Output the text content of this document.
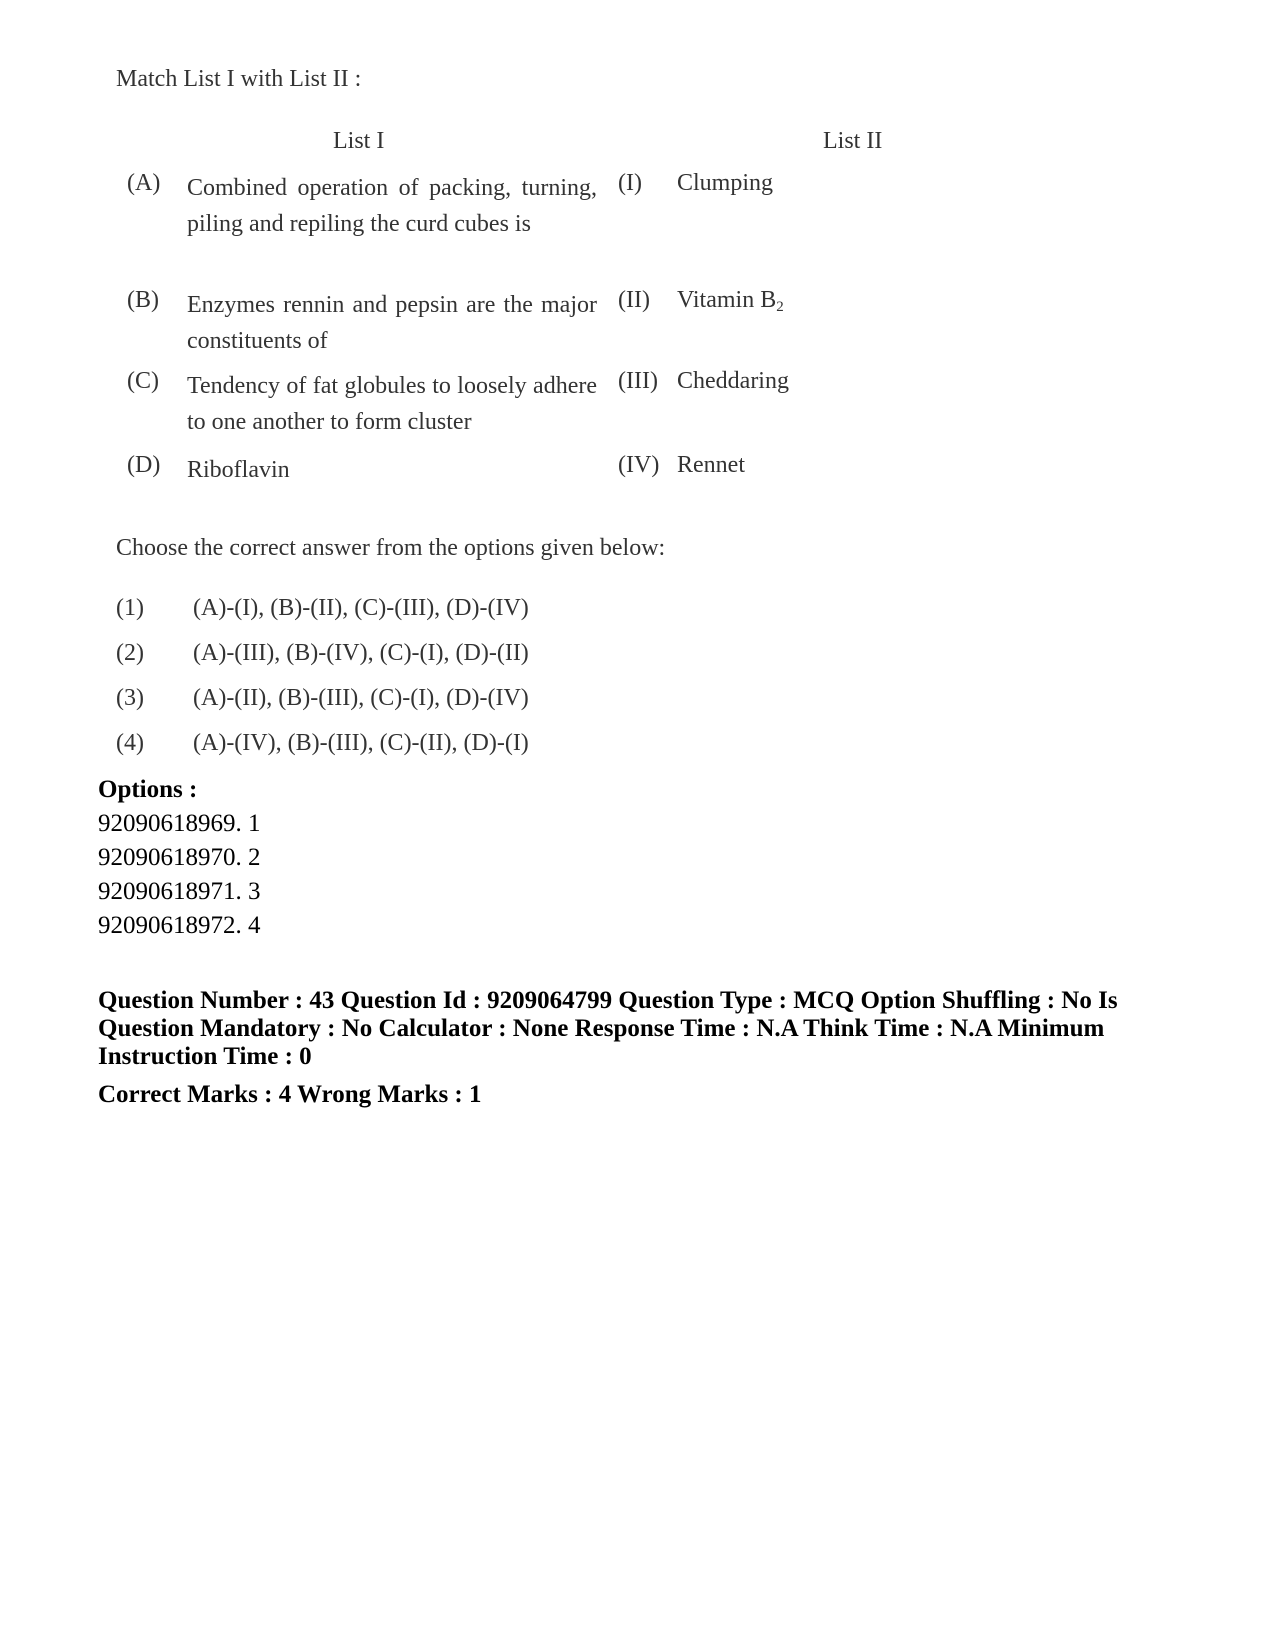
Match List I with List II :
List I	List II
(A) Combined operation of packing, turning, piling and repiling the curd cubes is
(I) Clumping
(B) Enzymes rennin and pepsin are the major constituents of
(II) Vitamin $B_2$
(C) Tendency of fat globules to loosely adhere to one another to form cluster
(III) Cheddaring
(D) Riboflavin	(IV) Rennet
Choose the correct answer from the options given below:
(1) (A)-(I), (B)-(II), (C)-(III), (D)-(IV)
(2) (A)-(III), (B)-(IV), (C)-(I), (D)-(II)
(3) (A)-(II), (B)-(III), (C)-(I), (D)-(IV)
(4) (A)-(IV), (B)-(III), (C)-(II), (D)-(I)
Options :
92090618969. 1
92090618970. 2
92090618971. 3
92090618972. 4
Question Number : 43 Question Id : 9209064799 Question Type : MCQ Option Shuffling : No Is Question Mandatory : No Calculator : None Response Time : N.A Think Time : N.A Minimum Instruction Time : 0
Correct Marks : 4 Wrong Marks : 1
